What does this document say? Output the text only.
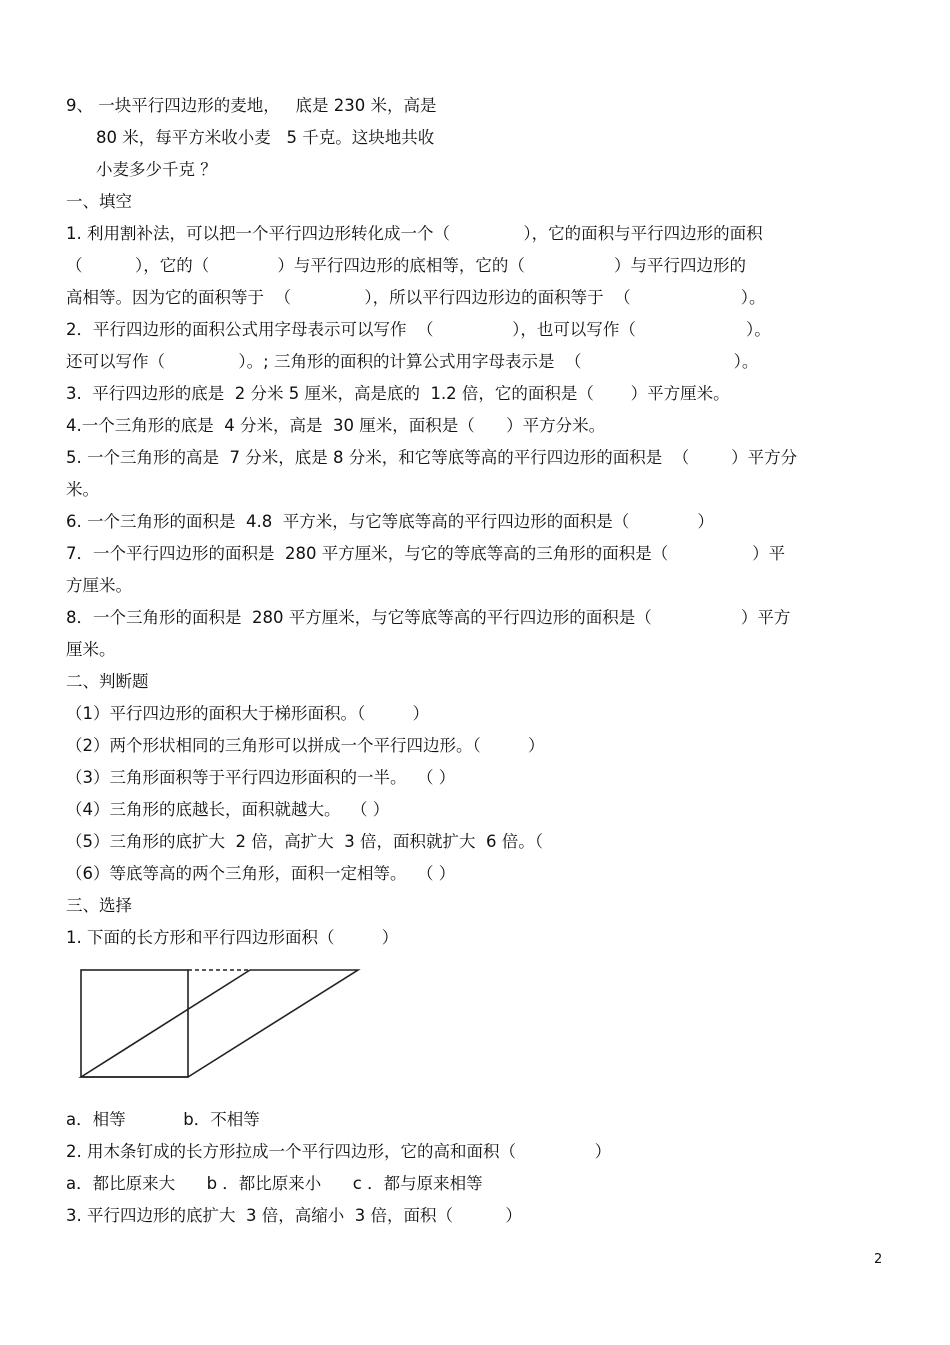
9、 一块平行四边形的麦地，   底是 230 米，高是
80 米，每平方米收小麦   5 千克。这块地共收
小麦多少千克 ？
一、填空
1. 利用割补法，可以把一个平行四边形转化成一个（              ），它的面积与平行四边形的面积
（          ），它的（             ）与平行四边形的底相等，它的（                 ）与平行四边形的
高相等。因为它的面积等于  （              ），所以平行四边形边的面积等于  （                     ）。
2．平行四边形的面积公式用字母表示可以写作  （               ），也可以写作（                     ）。
还可以写作（              ）。; 三角形的面积的计算公式用字母表示是  （                             ）。
3.  平行四边形的底是  2 分米 5 厘米，高是底的  1.2 倍，它的面积是（       ）平方厘米。
4.一个三角形的底是  4 分米，高是  30 厘米，面积是（      ）平方分米。
5. 一个三角形的高是  7 分米，底是 8 分米，和它等底等高的平行四边形的面积是  （        ）平方分
米。
6. 一个三角形的面积是  4.8  平方米，与它等底等高的平行四边形的面积是（             ）
7．一个平行四边形的面积是  280 平方厘米，与它的等底等高的三角形的面积是（                ）平
方厘米。
8．一个三角形的面积是  280 平方厘米，与它等底等高的平行四边形的面积是（                 ）平方
厘米。
二、判断题
（1）平行四边形的面积大于梯形面积。（         ）
（2）两个形状相同的三角形可以拼成一个平行四边形。（         ）
（3）三角形面积等于平行四边形面积的一半。  （ ）
（4）三角形的底越长，面积就越大。  （ ）
（5）三角形的底扩大  2 倍，高扩大  3 倍，面积就扩大  6 倍。（
（6）等底等高的两个三角形，面积一定相等。  （ ）
三、选择
1. 下面的长方形和平行四边形面积（         ）
a．相等           b．不相等
2. 用木条钉成的长方形拉成一个平行四边形，它的高和面积（               ）
a．都比原来大      b ．都比原来小      c ．都与原来相等
3. 平行四边形的底扩大  3 倍，高缩小  3 倍，面积（          ）
2
